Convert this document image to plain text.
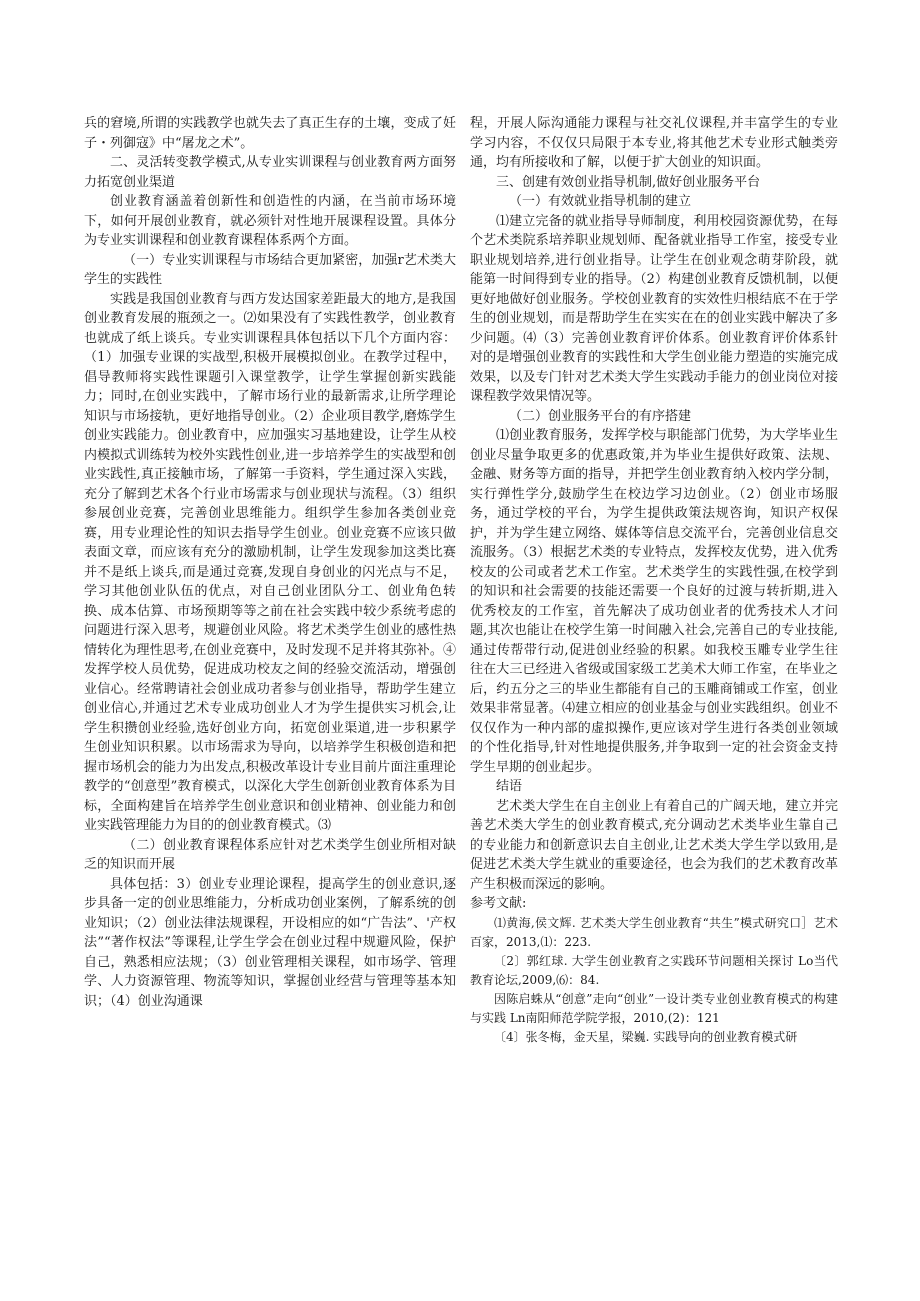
兵的窘境,所谓的实践教学也就失去了真正生存的土壤，变成了妊子・列御寇》中“屠龙之术”。

二、灵活转变教学模式,从专业实训课程与创业教育两方面努力拓宽创业渠道

创业教育涵盖着创新性和创造性的内涵，在当前市场环境下，如何开展创业教育，就必须针对性地开展课程设置。具体分为专业实训课程和创业教育课程体系两个方面。

（一）专业实训课程与市场结合更加紧密，加强r艺术类大学生的实践性

实践是我国创业教育与西方发达国家差距最大的地方,是我国创业教育发展的瓶颈之一。⑵如果没有了实践性教学，创业教育也就成了纸上谈兵。专业实训课程具体包括以下几个方面内容：（1）加强专业课的实战型,积极开展模拟创业。在教学过程中，倡导教师将实践性课题引入课堂教学，让学生掌握创新实践能力；同时,在创业实践中，了解市场行业的最新需求,让所学理论知识与市场接轨，更好地指导创业。（2）企业项目教学,磨炼学生创业实践能力。创业教育中，应加强实习基地建设，让学生从校内模拟式训练转为校外实践性创业,进一步培养学生的实战型和创业实践性,真正接触市场，了解第一手资料，学生通过深入实践，充分了解到艺术各个行业市场需求与创业现状与流程。（3）组织参展创业竞赛，完善创业思维能力。组织学生参加各类创业竞赛，用专业理论性的知识去指导学生创业。创业竞赛不应该只做表面文章，而应该有充分的激励机制，让学生发现参加这类比赛并不是纸上谈兵,而是通过竞赛,发现自身创业的闪光点与不足，学习其他创业队伍的优点，对自己创业团队分工、创业角色转换、成本估算、市场预期等等之前在社会实践中较少系统考虑的问题进行深入思考，规避创业风险。将艺术类学生创业的感性热情转化为理性思考,在创业竞赛中，及时发现不足并将其弥补。④发挥学校人员优势，促进成功校友之间的经验交流活动，增强创业信心。经常聘请社会创业成功者参与创业指导，帮助学生建立创业信心,并通过艺术专业成功创业人才为学生提供实习机会,让学生积攒创业经验,选好创业方向，拓宽创业渠道,进一步积累学生创业知识积累。以市场需求为导向，以培养学生积极创造和把握市场机会的能力为出发点,积极改革设计专业目前片面注重理论教学的“创意型”教育模式，以深化大学生创新创业教育体系为目标，全面构建旨在培养学生创业意识和创业精神、创业能力和创业实践管理能力为目的的创业教育模式。⑶

（二）创业教育课程体系应针对艺术类学生创业所相对缺乏的知识而开展

具体包括：3）创业专业理论课程，提高学生的创业意识,逐步具备一定的创业思维能力，分析成功创业案例，了解系统的创业知识；（2）创业法律法规课程，开设相应的如“广告法”、'产权法”“著作权法”等课程,让学生学会在创业过程中规避风险，保护自己，熟悉相应法规；（3）创业管理相关课程，如市场学、管理学、人力资源管理、物流等知识，掌握创业经营与管理等基本知识；（4）创业沟通课

程，开展人际沟通能力课程与社交礼仪课程,并丰富学生的专业学习内容，不仅仅只局限于本专业,将其他艺术专业形式触类旁通，均有所接收和了解，以便于扩大创业的知识面。

三、创建有效创业指导机制,做好创业服务平台

（一）有效就业指导机制的建立

⑴建立完备的就业指导导师制度，利用校园资源优势，在每个艺术类院系培养职业规划师、配备就业指导工作室，接受专业职业规划培养,进行创业指导。让学生在创业观念萌芽阶段，就能第一时间得到专业的指导。（2）构建创业教育反馈机制，以便更好地做好创业服务。学校创业教育的实效性归根结底不在于学生的创业规划，而是帮助学生在实实在在的创业实践中解决了多少问题。⑷（3）完善创业教育评价体系。创业教育评价体系针对的是增强创业教育的实践性和大学生创业能力塑造的实施完成效果，以及专门针对艺术类大学生实践动手能力的创业岗位对接课程教学效果情况等。

（二）创业服务平台的有序搭建

⑴创业教育服务，发挥学校与职能部门优势，为大学毕业生创业尽量争取更多的优惠政策,并为毕业生提供好政策、法规、金融、财务等方面的指导，并把学生创业教育纳入校内学分制，实行弹性学分,鼓励学生在校边学习边创业。（2）创业市场服务，通过学校的平台，为学生提供政策法规咨询，知识产权保护，并为学生建立网络、媒体等信息交流平台，完善创业信息交流服务。（3）根据艺术类的专业特点，发挥校友优势，进入优秀校友的公司或者艺术工作室。艺术类学生的实践性强,在校学到的知识和社会需要的技能还需要一个良好的过渡与转折期,进入优秀校友的工作室，首先解决了成功创业者的优秀技术人才问题,其次也能让在校学生第一时间融入社会,完善自己的专业技能,通过传帮带行动,促进创业经验的积累。如我校玉雕专业学生往往在大三已经进入省级或国家级工艺美术大师工作室，在毕业之后，约五分之三的毕业生都能有自己的玉雕商铺或工作室，创业效果非常显著。⑷建立相应的创业基金与创业实践组织。创业不仅仅作为一种内部的虚拟操作,更应该对学生进行各类创业领域的个性化指导,针对性地提供服务,并争取到一定的社会资金支持学生早期的创业起步。

结语

艺术类大学生在自主创业上有着自己的广阔天地，建立并完善艺术类大学生的创业教育模式,充分调动艺术类毕业生靠自己的专业能力和创新意识去自主创业,让艺术类大学生学以致用,是促进艺术类大学生就业的重要途径，也会为我们的艺术教育改革产生积极而深远的影响。

参考文献:

⑴黄海,侯文辉. 艺术类大学生创业教育“共生”模式研究口］艺术百家，2013,⑴：223.

〔2〕郭红球. 大学生创业教育之实践环节问题相关探讨 Lo当代教育论坛,2009,⑹：84.

因陈启蛛从“创意”走向“创业”一设计类专业创业教育模式的构建与实践 Ln南阳师范学院学报，2010,(2)：121

〔4〕张冬梅，金天星，梁巍. 实践导向的创业教育模式研
